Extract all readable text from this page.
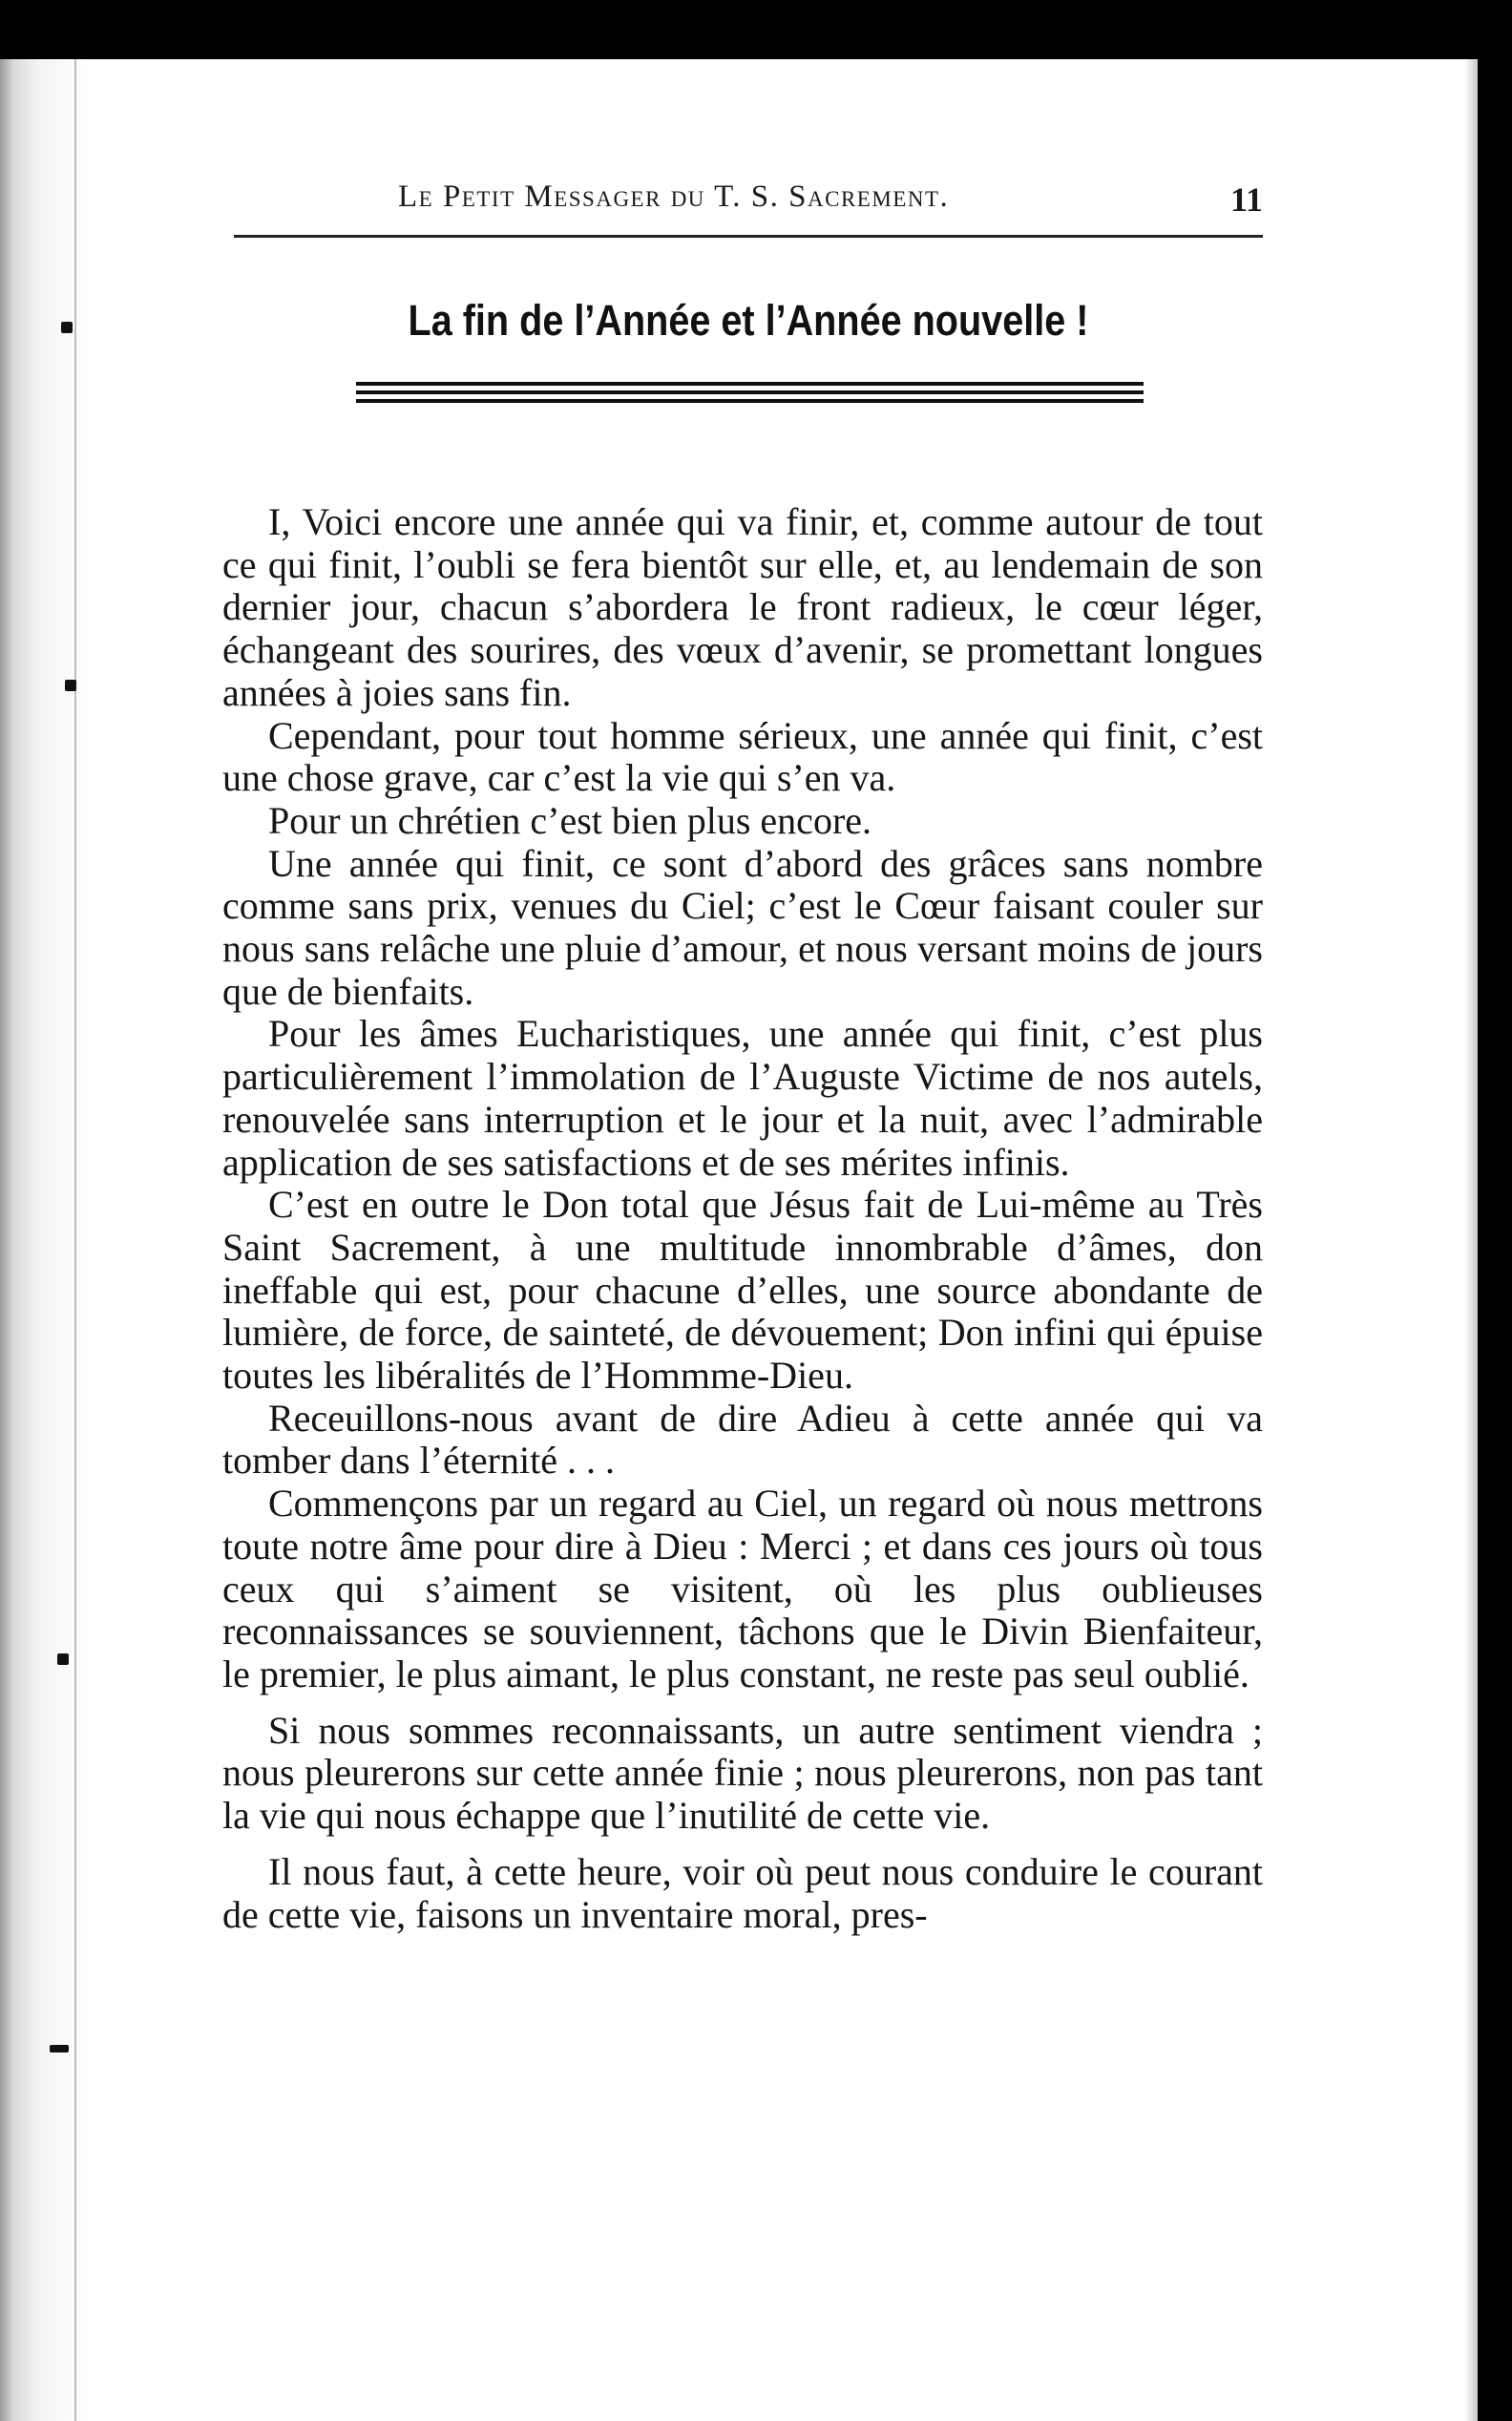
Le Petit Messager du T. S. Sacrement.	11
La fin de l’Année et l’Année nouvelle !

I, Voici encore une année qui va finir, et, comme autour de tout ce qui finit, l’oubli se fera bientôt sur elle, et, au lendemain de son dernier jour, chacun s’abordera le front radieux, le cœur léger, échangeant des sourires, des vœux d’avenir, se promettant longues années à joies sans fin.

Cependant, pour tout homme sérieux, une année qui finit, c’est une chose grave, car c’est la vie qui s’en va.

Pour un chrétien c’est bien plus encore.

Une année qui finit, ce sont d’abord des grâces sans nombre comme sans prix, venues du Ciel; c’est le Cœur faisant couler sur nous sans relâche une pluie d’amour, et nous versant moins de jours que de bienfaits.

Pour les âmes Eucharistiques, une année qui finit, c’est plus particulièrement l’immolation de l’Auguste Victime de nos autels, renouvelée sans interruption et le jour et la nuit, avec l’admirable application de ses satisfactions et de ses mérites infinis.

C’est en outre le Don total que Jésus fait de Lui-même au Très Saint Sacrement, à une multitude innombrable d’âmes, don ineffable qui est, pour chacune d’elles, une source abondante de lumière, de force, de sainteté, de dévouement; Don infini qui épuise toutes les libéralités de l’Hommme-Dieu.

Receuillons-nous avant de dire Adieu à cette année qui va tomber dans l’éternité . . .

Commençons par un regard au Ciel, un regard où nous mettrons toute notre âme pour dire à Dieu : Merci ; et dans ces jours où tous ceux qui s’aiment se visitent, où les plus oublieuses reconnaissances se souviennent, tâchons que le Divin Bienfaiteur, le premier, le plus aimant, le plus constant, ne reste pas seul oublié.

Si nous sommes reconnaissants, un autre sentiment viendra ; nous pleurerons sur cette année finie ; nous pleurerons, non pas tant la vie qui nous échappe que l’inutilité de cette vie.

Il nous faut, à cette heure, voir où peut nous conduire le courant de cette vie, faisons un inventaire moral, pres-
